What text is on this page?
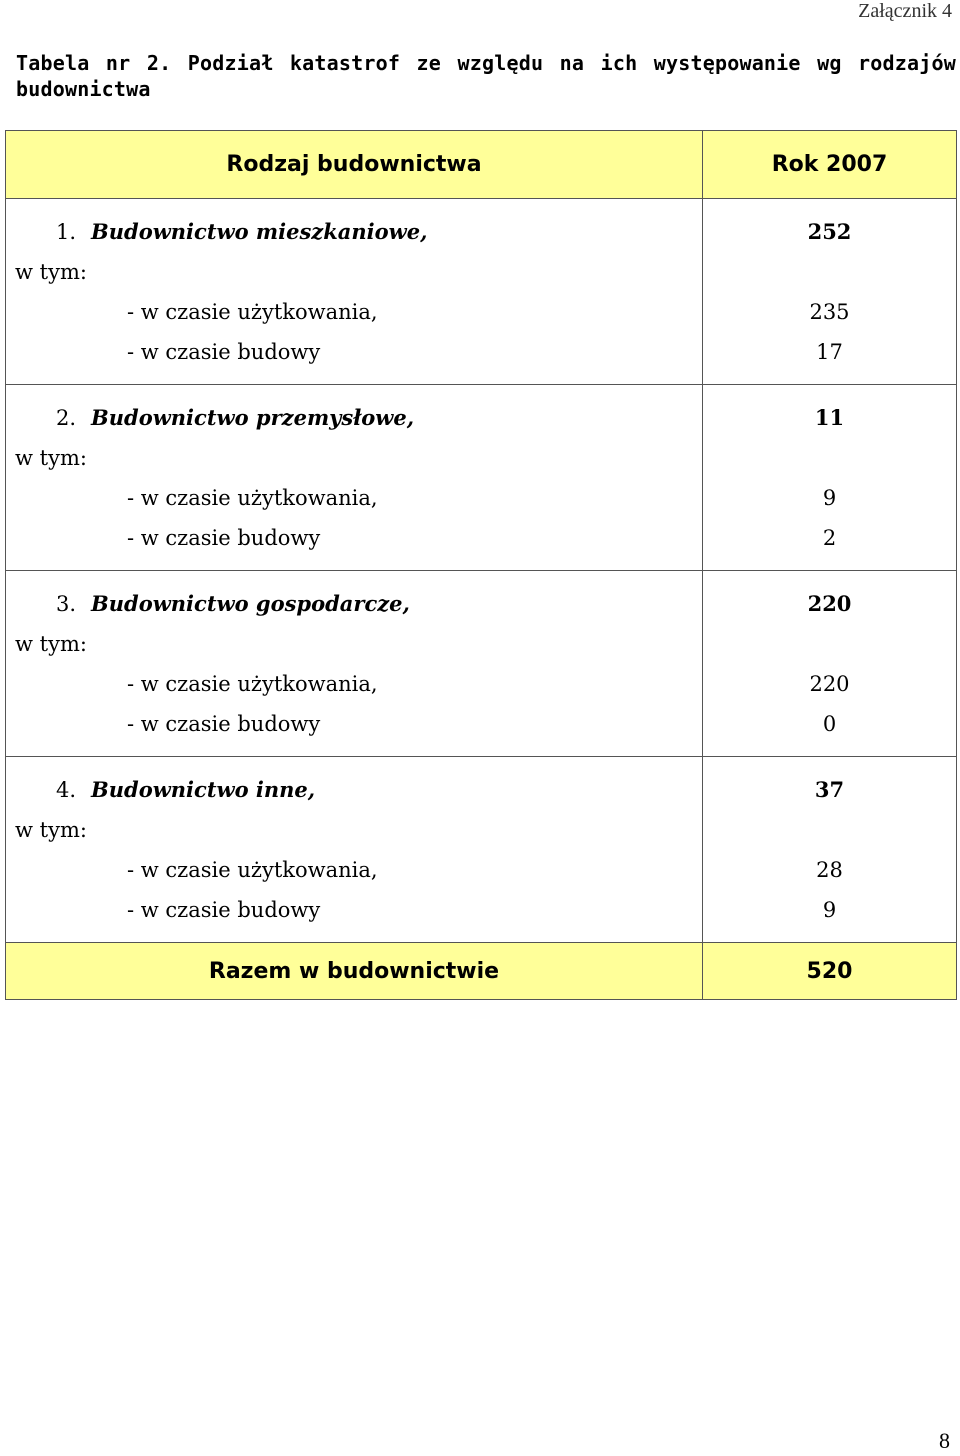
Załącznik 4
Tabela nr 2. Podział katastrof ze względu na ich występowanie wg rodzajów budownictwa
Rodzaj budownictwa	Rok 2007
1. Budownictwo mieszkaniowe,
w tym:
- w czasie użytkowania,
- w czasie budowy
252
235
17
2. Budownictwo przemysłowe,
w tym:
- w czasie użytkowania,
- w czasie budowy
11
9
2
3. Budownictwo gospodarcze,
w tym:
- w czasie użytkowania,
- w czasie budowy
220
220
0
4. Budownictwo inne,
w tym:
- w czasie użytkowania,
- w czasie budowy
37
28
9
Razem w budownictwie	520
8
